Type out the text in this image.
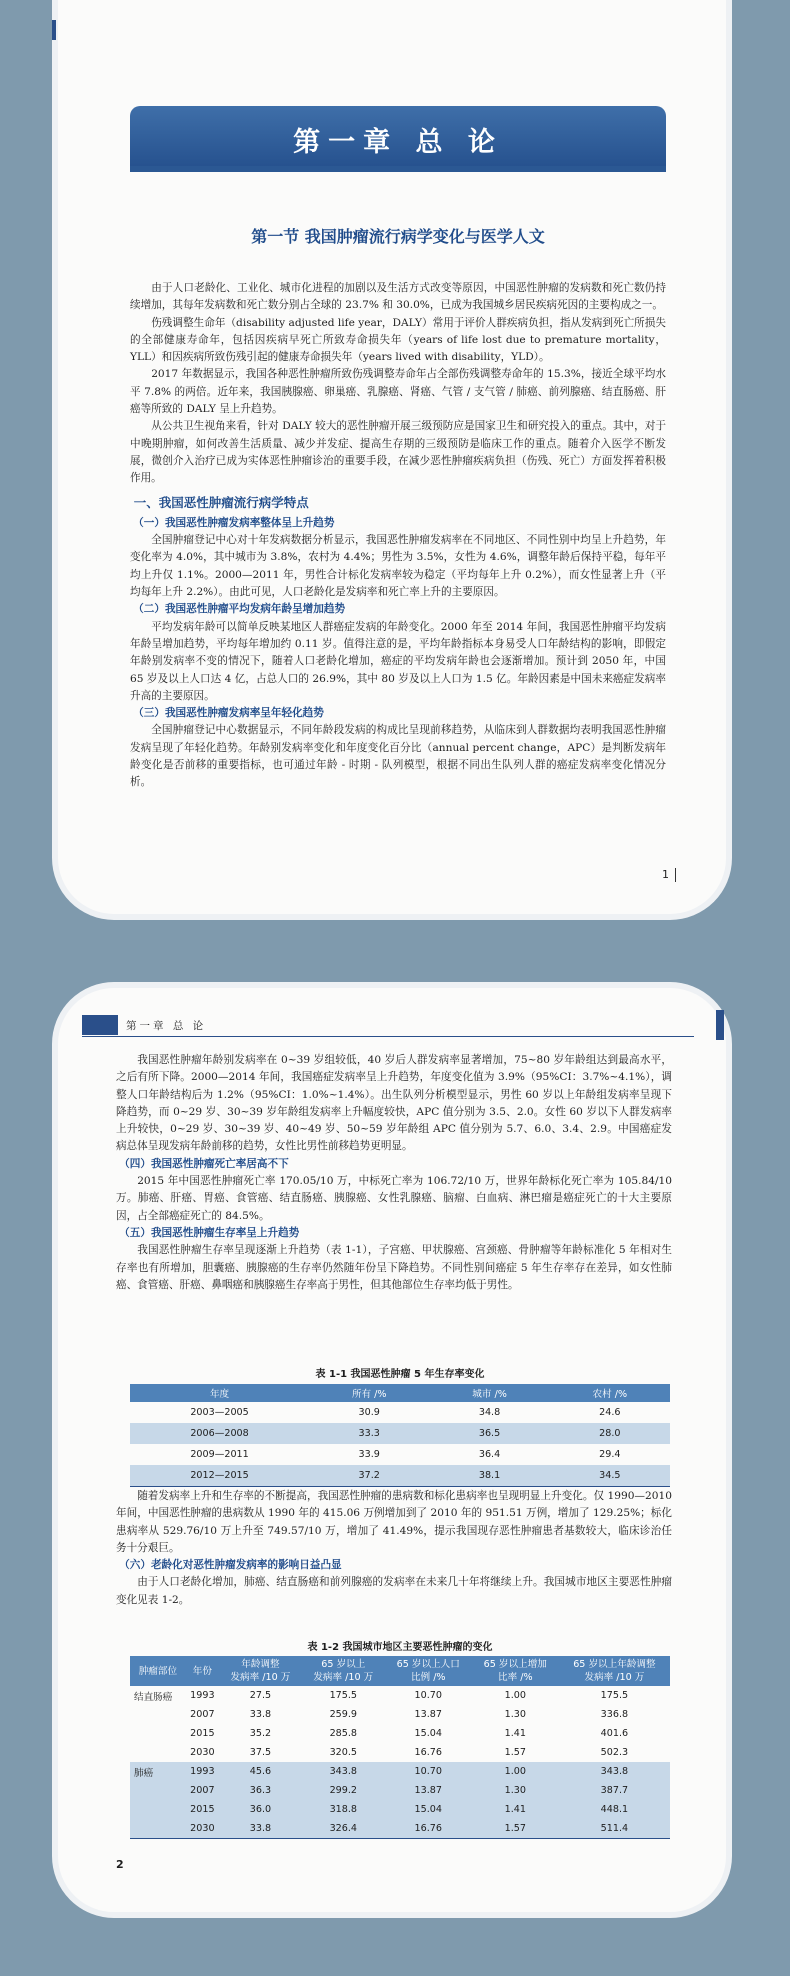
第一章 总 论
第一节 我国肿瘤流行病学变化与医学人文

由于人口老龄化、工业化、城市化进程的加剧以及生活方式改变等原因，中国恶性肿瘤的发病数和死亡数仍持续增加，其每年发病数和死亡数分别占全球的 23.7% 和 30.0%，已成为我国城乡居民疾病死因的主要构成之一。

伤残调整生命年（disability adjusted life year，DALY）常用于评价人群疾病负担，指从发病到死亡所损失的全部健康寿命年，包括因疾病早死亡所致寿命损失年（years of life lost due to premature mortality，YLL）和因疾病所致伤残引起的健康寿命损失年（years lived with disability，YLD）。

2017 年数据显示，我国各种恶性肿瘤所致伤残调整寿命年占全部伤残调整寿命年的 15.3%，接近全球平均水平 7.8% 的两倍。近年来，我国胰腺癌、卵巢癌、乳腺癌、肾癌、气管 / 支气管 / 肺癌、前列腺癌、结直肠癌、肝癌等所致的 DALY 呈上升趋势。

从公共卫生视角来看，针对 DALY 较大的恶性肿瘤开展三级预防应是国家卫生和研究投入的重点。其中，对于中晚期肿瘤，如何改善生活质量、减少并发症、提高生存期的三级预防是临床工作的重点。随着介入医学不断发展，微创介入治疗已成为实体恶性肿瘤诊治的重要手段，在减少恶性肿瘤疾病负担（伤残、死亡）方面发挥着积极作用。

一、我国恶性肿瘤流行病学特点

（一）我国恶性肿瘤发病率整体呈上升趋势

全国肿瘤登记中心对十年发病数据分析显示，我国恶性肿瘤发病率在不同地区、不同性别中均呈上升趋势，年变化率为 4.0%，其中城市为 3.8%，农村为 4.4%；男性为 3.5%，女性为 4.6%，调整年龄后保持平稳，每年平均上升仅 1.1%。2000—2011 年，男性合计标化发病率较为稳定（平均每年上升 0.2%），而女性显著上升（平均每年上升 2.2%）。由此可见，人口老龄化是发病率和死亡率上升的主要原因。

（二）我国恶性肿瘤平均发病年龄呈增加趋势

平均发病年龄可以简单反映某地区人群癌症发病的年龄变化。2000 年至 2014 年间，我国恶性肿瘤平均发病年龄呈增加趋势，平均每年增加约 0.11 岁。值得注意的是，平均年龄指标本身易受人口年龄结构的影响，即假定年龄别发病率不变的情况下，随着人口老龄化增加，癌症的平均发病年龄也会逐渐增加。预计到 2050 年，中国 65 岁及以上人口达 4 亿，占总人口的 26.9%，其中 80 岁及以上人口为 1.5 亿。年龄因素是中国未来癌症发病率升高的主要原因。

（三）我国恶性肿瘤发病率呈年轻化趋势

全国肿瘤登记中心数据显示，不同年龄段发病的构成比呈现前移趋势，从临床到人群数据均表明我国恶性肿瘤发病呈现了年轻化趋势。年龄别发病率变化和年度变化百分比（annual percent change，APC）是判断发病年龄变化是否前移的重要指标，也可通过年龄 - 时期 - 队列模型，根据不同出生队列人群的癌症发病率变化情况分析。

1
第一章 总 论

我国恶性肿瘤年龄别发病率在 0~39 岁组较低，40 岁后人群发病率显著增加，75~80 岁年龄组达到最高水平，之后有所下降。2000—2014 年间，我国癌症发病率呈上升趋势，年度变化值为 3.9%（95%CI：3.7%~4.1%），调整人口年龄结构后为 1.2%（95%CI：1.0%~1.4%）。出生队列分析模型显示，男性 60 岁以上年龄组发病率呈现下降趋势，而 0~29 岁、30~39 岁年龄组发病率上升幅度较快，APC 值分别为 3.5、2.0。女性 60 岁以下人群发病率上升较快，0~29 岁、30~39 岁、40~49 岁、50~59 岁年龄组 APC 值分别为 5.7、6.0、3.4、2.9。中国癌症发病总体呈现发病年龄前移的趋势，女性比男性前移趋势更明显。

（四）我国恶性肿瘤死亡率居高不下

2015 年中国恶性肿瘤死亡率 170.05/10 万，中标死亡率为 106.72/10 万，世界年龄标化死亡率为 105.84/10 万。肺癌、肝癌、胃癌、食管癌、结直肠癌、胰腺癌、女性乳腺癌、脑瘤、白血病、淋巴瘤是癌症死亡的十大主要原因，占全部癌症死亡的 84.5%。

（五）我国恶性肿瘤生存率呈上升趋势

我国恶性肿瘤生存率呈现逐渐上升趋势（表 1-1），子宫癌、甲状腺癌、宫颈癌、骨肿瘤等年龄标准化 5 年相对生存率也有所增加，胆囊癌、胰腺癌的生存率仍然随年份呈下降趋势。不同性别间癌症 5 年生存率存在差异，如女性肺癌、食管癌、肝癌、鼻咽癌和胰腺癌生存率高于男性，但其他部位生存率均低于男性。

表 1-1 我国恶性肿瘤 5 年生存率变化
年度	所有 /%	城市 /%	农村 /%
2003—2005	30.9	34.8	24.6
2006—2008	33.3	36.5	28.0
2009—2011	33.9	36.4	29.4
2012—2015	37.2	38.1	34.5

随着发病率上升和生存率的不断提高，我国恶性肿瘤的患病数和标化患病率也呈现明显上升变化。仅 1990—2010 年间，中国恶性肿瘤的患病数从 1990 年的 415.06 万例增加到了 2010 年的 951.51 万例，增加了 129.25%；标化患病率从 529.76/10 万上升至 749.57/10 万，增加了 41.49%，提示我国现存恶性肿瘤患者基数较大，临床诊治任务十分艰巨。

（六）老龄化对恶性肿瘤发病率的影响日益凸显

由于人口老龄化增加，肺癌、结直肠癌和前列腺癌的发病率在未来几十年将继续上升。我国城市地区主要恶性肿瘤变化见表 1-2。

表 1-2 我国城市地区主要恶性肿瘤的变化
肿瘤部位	年份	年龄调整
发病率 /10 万	65 岁以上
发病率 /10 万	65 岁以上人口
比例 /%	65 岁以上增加
比率 /%	65 岁以上年龄调整
发病率 /10 万
结直肠癌	1993	27.5	175.5	10.70	1.00	175.5
	2007	33.8	259.9	13.87	1.30	336.8
	2015	35.2	285.8	15.04	1.41	401.6
	2030	37.5	320.5	16.76	1.57	502.3
肺癌	1993	45.6	343.8	10.70	1.00	343.8
	2007	36.3	299.2	13.87	1.30	387.7
	2015	36.0	318.8	15.04	1.41	448.1
	2030	33.8	326.4	16.76	1.57	511.4
2
